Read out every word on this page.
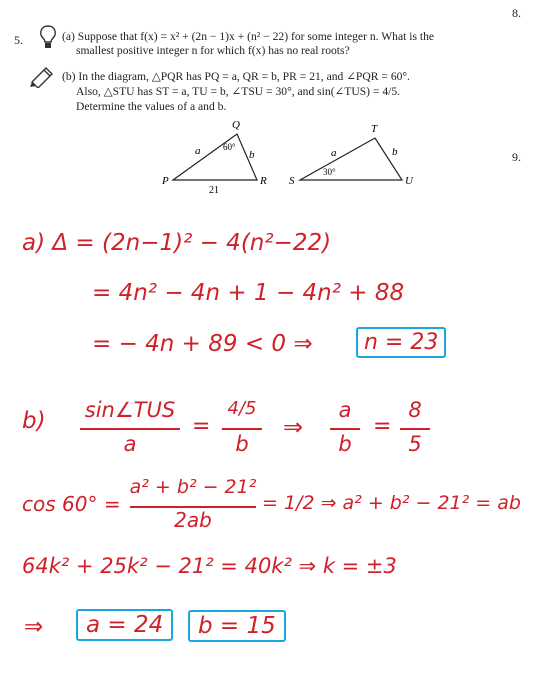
8.
5.
9.
(a) Suppose that f(x) = x² + (2n − 1)x + (n² − 22) for some integer n. What is the
smallest positive integer n for which f(x) has no real roots?
(b) In the diagram, △PQR has PQ = a, QR = b, PR = 21, and ∠PQR = 60°.
Also, △STU has ST = a, TU = b, ∠TSU = 30°, and sin(∠TUS) = 4/5.
Determine the values of a and b.
Q
P	R
a	b
60°
21
T
S	U
a	b
30°
a) Δ = (2n−1)² − 4(n²−22)
= 4n² − 4n + 1 − 4n² + 88
= − 4n + 89 < 0 ⇒	n = 23
b) sin∠TUS
a
=
4/5
b
⇒
a
b
=
8
5
cos 60° =
a² + b² − 21²
2ab
= 1/2 ⇒ a² + b² − 21² = ab
64k² + 25k² − 21² = 40k² ⇒ k = ±3
⇒	a = 24	b = 15
